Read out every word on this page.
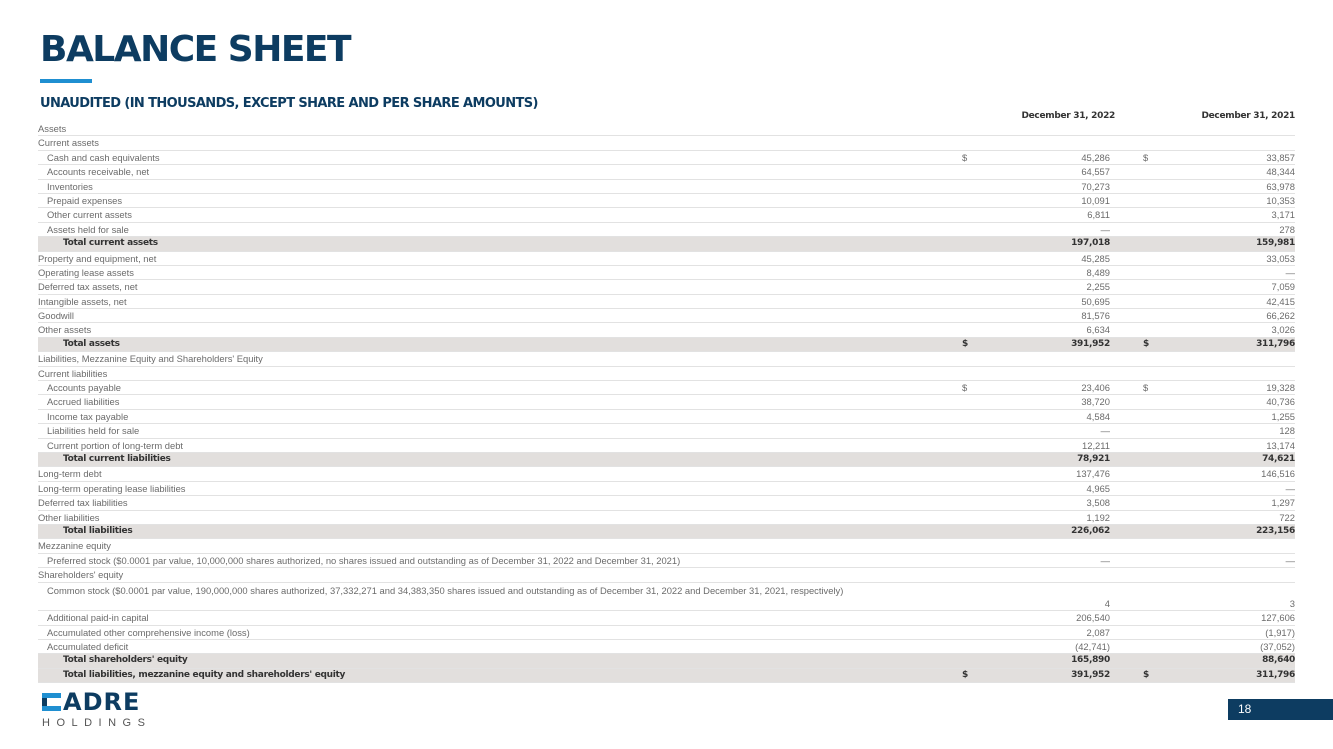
BALANCE SHEET
UNAUDITED (IN THOUSANDS, EXCEPT SHARE AND PER SHARE AMOUNTS)
December 31, 2022	December 31, 2021
Assets
Current assets
Cash and cash equivalents	$	45,286	$	33,857
Accounts receivable, net	64,557	48,344
Inventories	70,273	63,978
Prepaid expenses	10,091	10,353
Other current assets	6,811	3,171
Assets held for sale	—	278
Total current assets	197,018	159,981
Property and equipment, net	45,285	33,053
Operating lease assets	8,489	—
Deferred tax assets, net	2,255	7,059
Intangible assets, net	50,695	42,415
Goodwill	81,576	66,262
Other assets	6,634	3,026
Total assets	$	391,952	$	311,796
Liabilities, Mezzanine Equity and Shareholders' Equity
Current liabilities
Accounts payable	$	23,406	$	19,328
Accrued liabilities	38,720	40,736
Income tax payable	4,584	1,255
Liabilities held for sale	—	128
Current portion of long-term debt	12,211	13,174
Total current liabilities	78,921	74,621
Long-term debt	137,476	146,516
Long-term operating lease liabilities	4,965	—
Deferred tax liabilities	3,508	1,297
Other liabilities	1,192	722
Total liabilities	226,062	223,156
Mezzanine equity
Preferred stock ($0.0001 par value, 10,000,000 shares authorized, no shares issued and outstanding as of December 31, 2022 and December 31, 2021)	—	—
Shareholders' equity
Common stock ($0.0001 par value, 190,000,000 shares authorized, 37,332,271 and 34,383,350 shares issued and outstanding as of December 31, 2022 and December 31, 2021, respectively)
4	3
Additional paid-in capital	206,540	127,606
Accumulated other comprehensive income (loss)	2,087	(1,917)
Accumulated deficit	(42,741)	(37,052)
Total shareholders' equity	165,890	88,640
Total liabilities, mezzanine equity and shareholders' equity	$	391,952	$	311,796
ADRE
HOLDINGS
18
